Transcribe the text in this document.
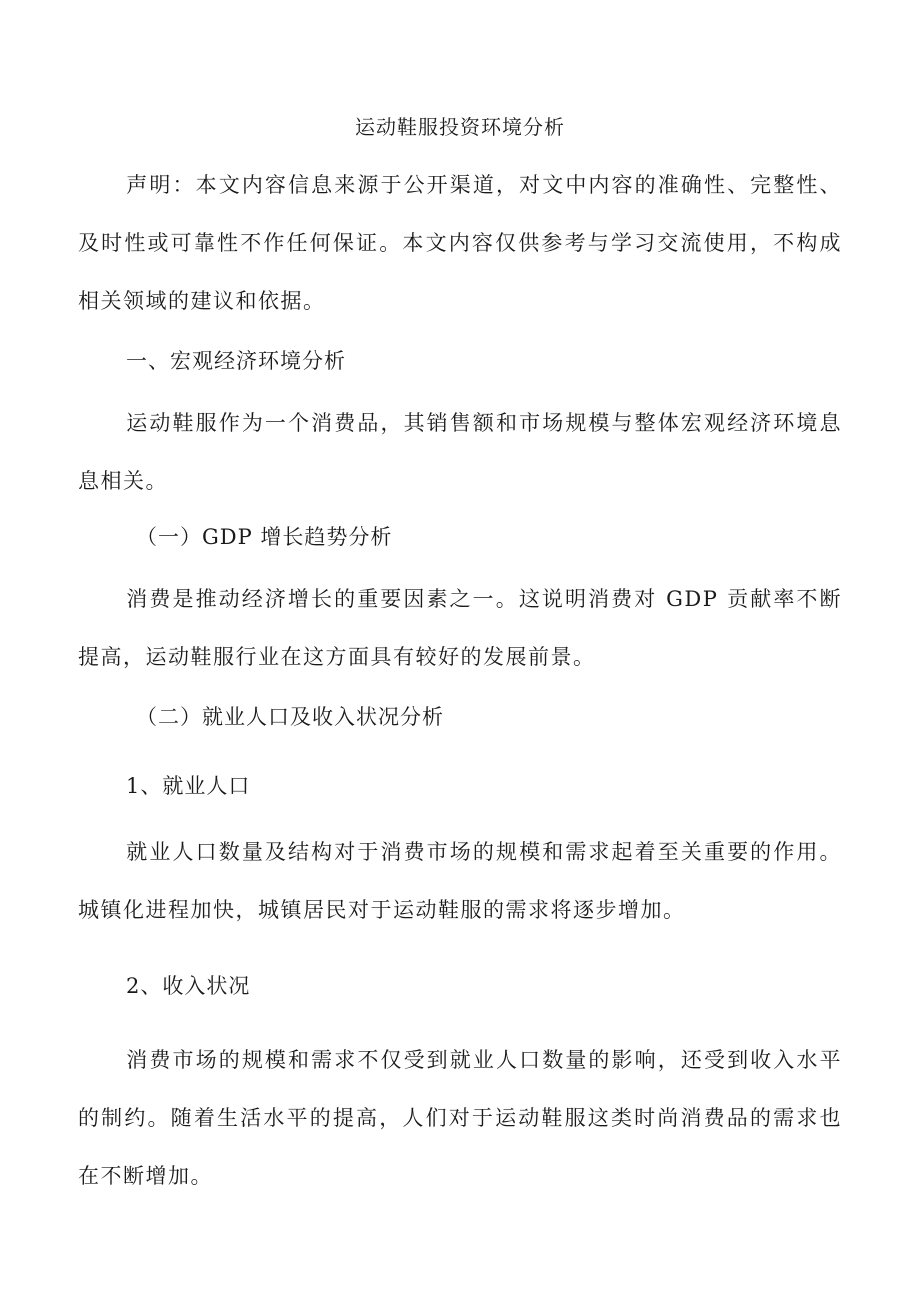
运动鞋服投资环境分析

声明：本文内容信息来源于公开渠道，对文中内容的准确性、完整性、及时性或可靠性不作任何保证。本文内容仅供参考与学习交流使用，不构成相关领域的建议和依据。

一、宏观经济环境分析

运动鞋服作为一个消费品，其销售额和市场规模与整体宏观经济环境息息相关。

（一）GDP 增长趋势分析

消费是推动经济增长的重要因素之一。这说明消费对 GDP 贡献率不断提高，运动鞋服行业在这方面具有较好的发展前景。

（二）就业人口及收入状况分析

1、就业人口

就业人口数量及结构对于消费市场的规模和需求起着至关重要的作用。城镇化进程加快，城镇居民对于运动鞋服的需求将逐步增加。

2、收入状况

消费市场的规模和需求不仅受到就业人口数量的影响，还受到收入水平的制约。随着生活水平的提高，人们对于运动鞋服这类时尚消费品的需求也在不断增加。
